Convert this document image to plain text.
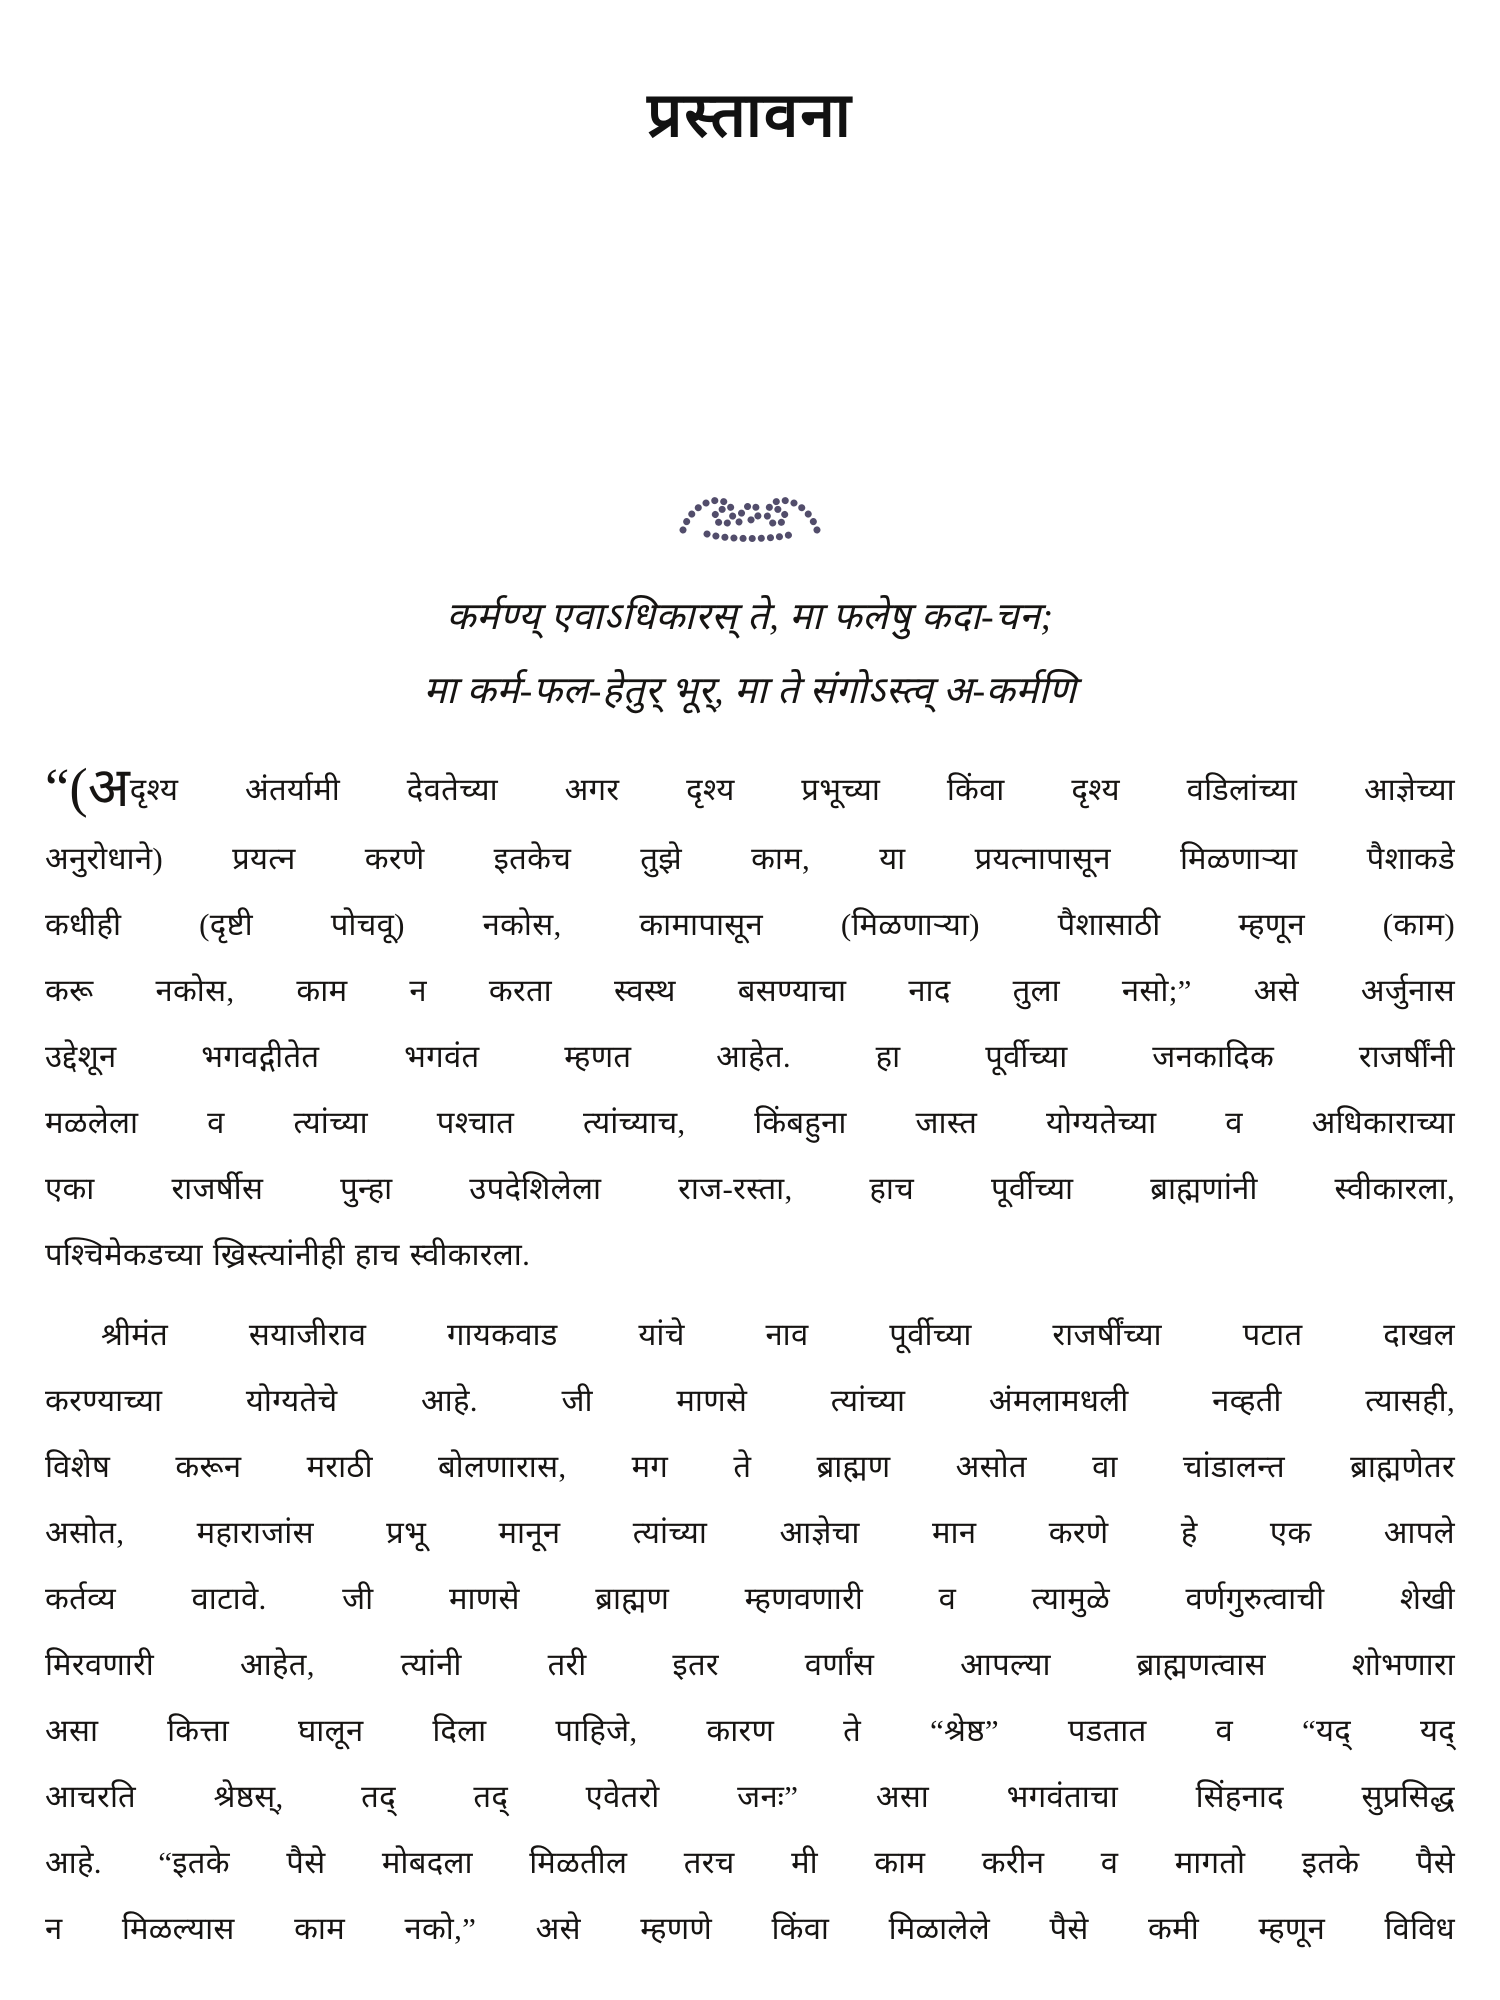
प्रस्तावना
कर्मण्य् एवाऽधिकारस् ते, मा फलेषु कदा-चन;
मा कर्म-फल-हेतुर् भूर्, मा ते संगोऽस्त्व् अ-कर्मणि
“(अदृश्य अंतर्यामी देवतेच्या अगर दृश्य प्रभूच्या किंवा दृश्य वडिलांच्या आज्ञेच्या
अनुरोधाने) प्रयत्न करणे इतकेच तुझे काम, या प्रयत्नापासून मिळणाऱ्या पैशाकडे
कधीही (दृष्टी पोचवू) नकोस, कामापासून (मिळणाऱ्या) पैशासाठी म्हणून (काम)
करू नकोस, काम न करता स्वस्थ बसण्याचा नाद तुला नसो;” असे अर्जुनास
उद्देशून भगवद्गीतेत भगवंत म्हणत आहेत. हा पूर्वीच्या जनकादिक राजर्षींनी
मळलेला व त्यांच्या पश्चात त्यांच्याच, किंबहुना जास्त योग्यतेच्या व अधिकाराच्या
एका राजर्षीस पुन्हा उपदेशिलेला राज-रस्ता, हाच पूर्वीच्या ब्राह्मणांनी स्वीकारला,
पश्चिमेकडच्या ख्रिस्त्यांनीही हाच स्वीकारला.
श्रीमंत सयाजीराव गायकवाड यांचे नाव पूर्वीच्या राजर्षींच्या पटात दाखल
करण्याच्या योग्यतेचे आहे. जी माणसे त्यांच्या अंमलामधली नव्हती त्यासही,
विशेष करून मराठी बोलणारास, मग ते ब्राह्मण असोत वा चांडालन्त ब्राह्मणेतर
असोत, महाराजांस प्रभू मानून त्यांच्या आज्ञेचा मान करणे हे एक आपले
कर्तव्य वाटावे. जी माणसे ब्राह्मण म्हणवणारी व त्यामुळे वर्णगुरुत्वाची शेखी
मिरवणारी आहेत, त्यांनी तरी इतर वर्णांस आपल्या ब्राह्मणत्वास शोभणारा
असा कित्ता घालून दिला पाहिजे, कारण ते “श्रेष्ठ” पडतात व “यद् यद्
आचरति श्रेष्ठस्, तद् तद् एवेतरो जनः” असा भगवंताचा सिंहनाद सुप्रसिद्ध
आहे. “इतके पैसे मोबदला मिळतील तरच मी काम करीन व मागतो इतके पैसे
न मिळल्यास काम नको,” असे म्हणणे किंवा मिळालेले पैसे कमी म्हणून विविध
